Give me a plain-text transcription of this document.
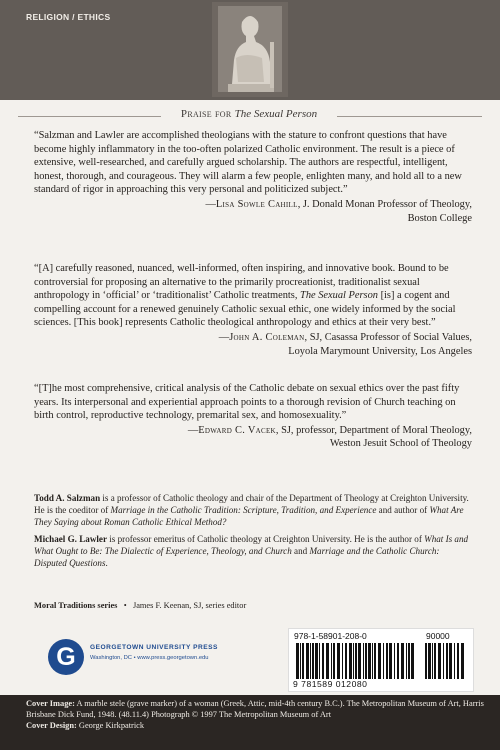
RELIGION / ETHICS
Praise for The Sexual Person

“Salzman and Lawler are accomplished theologians with the stature to confront questions that have become highly inflammatory in the too-often polarized Catholic environment. The result is a piece of extensive, well-researched, and carefully argued scholarship. The authors are respectful, intelligent, honest, thorough, and courageous. They will alarm a few people, enlighten many, and hold all to a new standard of rigor in approaching this very personal and politicized subject.”

—Lisa Sowle Cahill, J. Donald Monan Professor of Theology,
Boston College

“[A] carefully reasoned, nuanced, well-informed, often inspiring, and innovative book. Bound to be controversial for proposing an alternative to the primarily procreationist, traditionalist sexual anthropology in ‘official’ or ‘traditionalist’ Catholic treatments, The Sexual Person [is] a cogent and compelling account for a renewed genuinely Catholic sexual ethic, one widely informed by the social sciences. [This book] represents Catholic theological anthropology and ethics at their very best.”

—John A. Coleman, SJ, Casassa Professor of Social Values,
Loyola Marymount University, Los Angeles

“[T]he most comprehensive, critical analysis of the Catholic debate on sexual ethics over the past fifty years. Its interpersonal and experiential approach points to a thorough revision of Church teaching on birth control, reproductive technology, premarital sex, and homosexuality.”

—Edward C. Vacek, SJ, professor, Department of Moral Theology,
Weston Jesuit School of Theology

Todd A. Salzman is a professor of Catholic theology and chair of the Department of Theology at Creighton University. He is the coeditor of Marriage in the Catholic Tradition: Scripture, Tradition, and Experience and author of What Are They Saying about Roman Catholic Ethical Method?

Michael G. Lawler is professor emeritus of Catholic theology at Creighton University. He is the author of What Is and What Ought to Be: The Dialectic of Experience, Theology, and Church and Marriage and the Catholic Church: Disputed Questions.

Moral Traditions series • James F. Keenan, SJ, series editor
G	GEORGETOWN UNIVERSITY PRESS
Washington, DC • www.press.georgetown.edu
978-1-58901-208-0	90000
9 781589 012080

Cover Image: A marble stele (grave marker) of a woman (Greek, Attic, mid-4th century B.C.). The Metropolitan Museum of Art, Harris Brisbane Dick Fund, 1948. (48.11.4) Photograph © 1997 The Metropolitan Museum of Art

Cover Design: George Kirkpatrick
